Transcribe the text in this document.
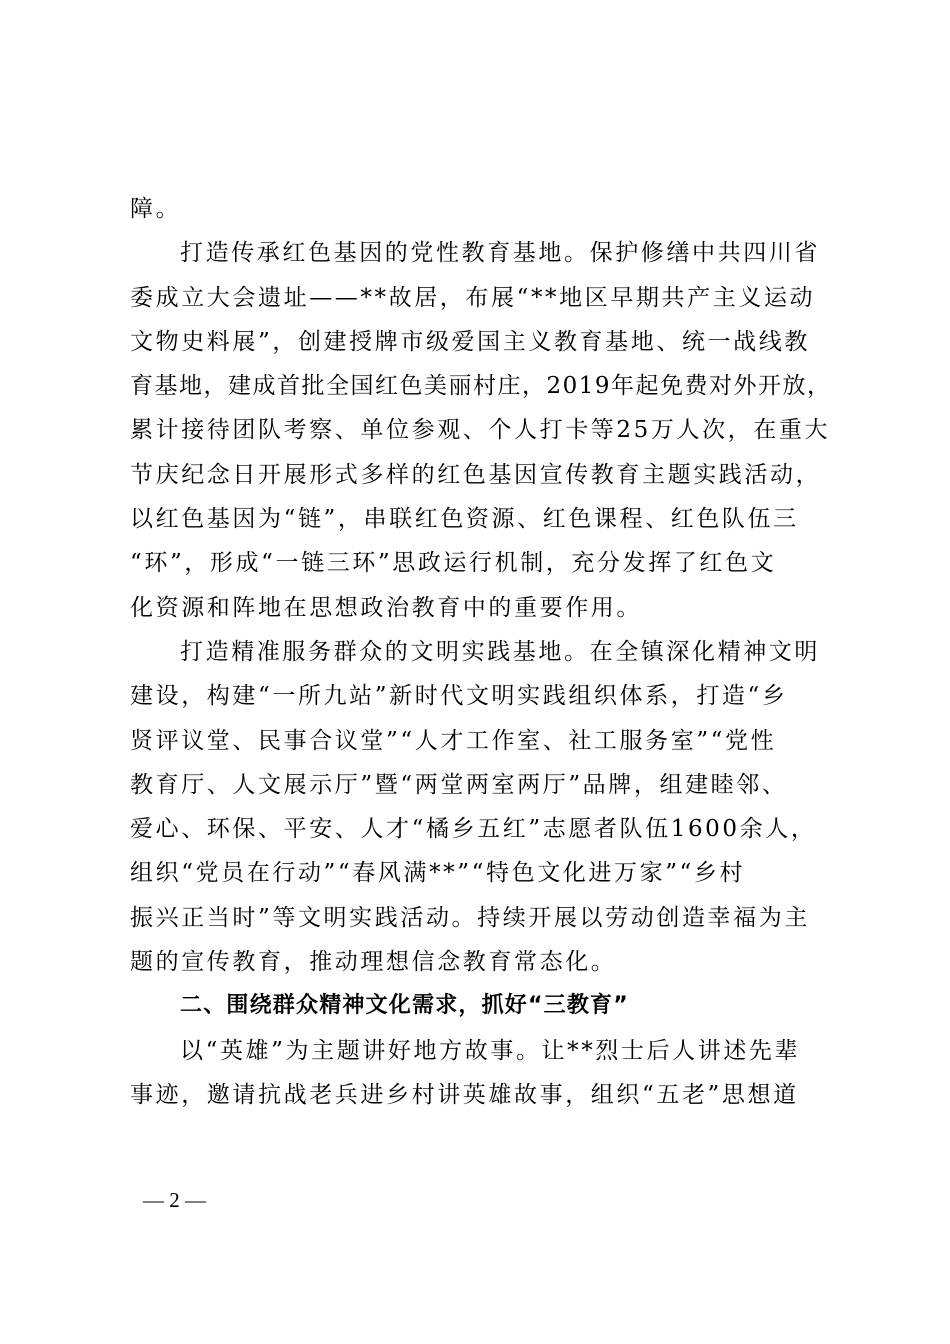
障。
打造传承红色基因的党性教育基地。保护修缮中共四川省
委成立大会遗址——**故居，布展“**地区早期共产主义运动
文物史料展”，创建授牌市级爱国主义教育基地、统一战线教
育基地，建成首批全国红色美丽村庄，2019年起免费对外开放，
累计接待团队考察、单位参观、个人打卡等25万人次，在重大
节庆纪念日开展形式多样的红色基因宣传教育主题实践活动，
以红色基因为“链”，串联红色资源、红色课程、红色队伍三
“环”，形成“一链三环”思政运行机制，充分发挥了红色文
化资源和阵地在思想政治教育中的重要作用。
打造精准服务群众的文明实践基地。在全镇深化精神文明
建设，构建“一所九站”新时代文明实践组织体系，打造“乡
贤评议堂、民事合议堂”“人才工作室、社工服务室”“党性
教育厅、人文展示厅”暨“两堂两室两厅”品牌，组建睦邻、
爱心、环保、平安、人才“橘乡五红”志愿者队伍1600余人，
组织“党员在行动”“春风满**”“特色文化进万家”“乡村
振兴正当时”等文明实践活动。持续开展以劳动创造幸福为主
题的宣传教育，推动理想信念教育常态化。
二、围绕群众精神文化需求，抓好“三教育”
以“英雄”为主题讲好地方故事。让**烈士后人讲述先辈
事迹，邀请抗战老兵进乡村讲英雄故事，组织“五老”思想道
— 2 —
